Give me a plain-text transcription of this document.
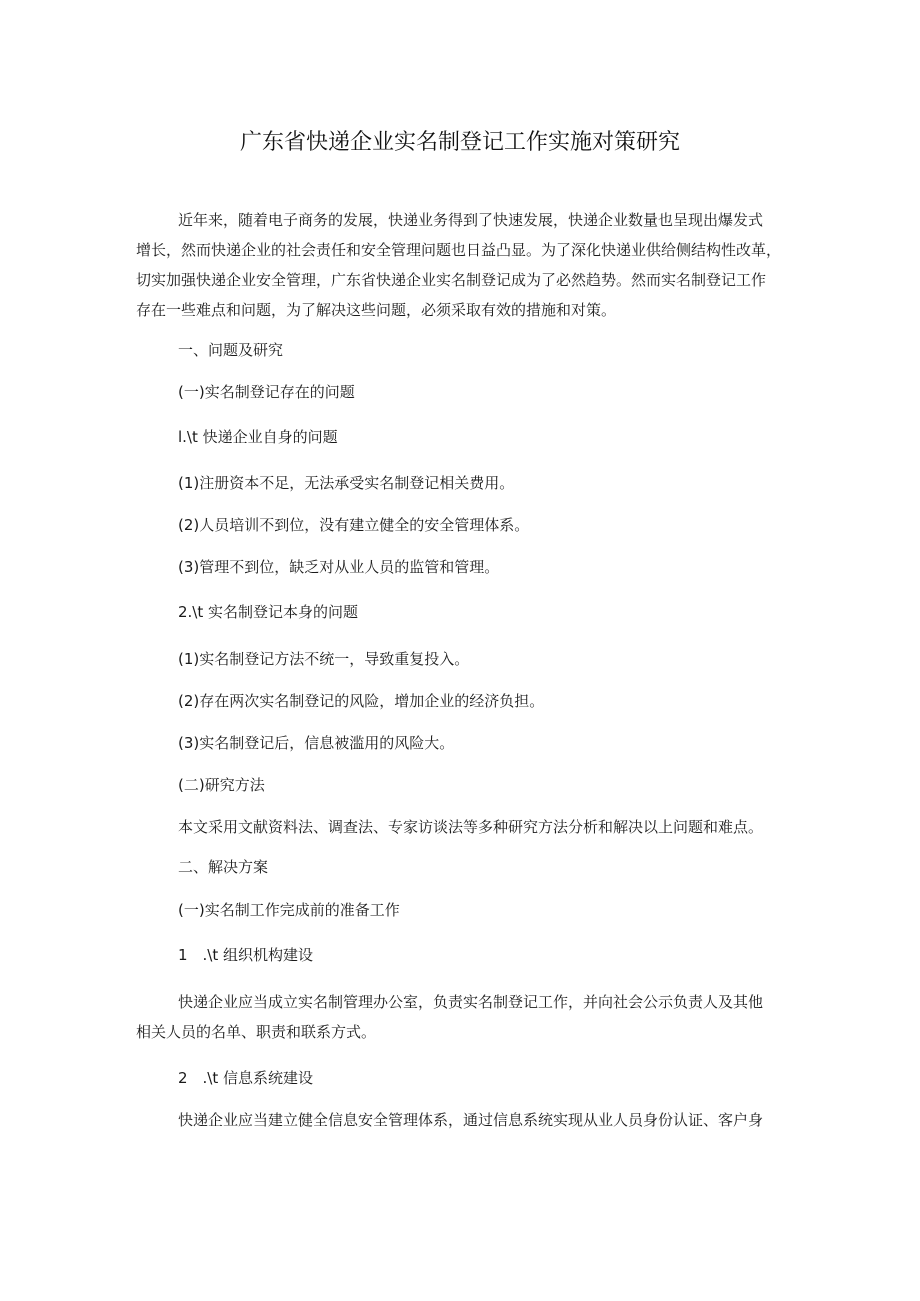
广东省快递企业实名制登记工作实施对策研究
近年来，随着电子商务的发展，快递业务得到了快速发展，快递企业数量也呈现出爆发式
增长，然而快递企业的社会责任和安全管理问题也日益凸显。为了深化快递业供给侧结构性改革，
切实加强快递企业安全管理，广东省快递企业实名制登记成为了必然趋势。然而实名制登记工作
存在一些难点和问题，为了解决这些问题，必须采取有效的措施和对策。
一、问题及研究
(一)实名制登记存在的问题
l.\t 快递企业自身的问题
(1)注册资本不足，无法承受实名制登记相关费用。
(2)人员培训不到位，没有建立健全的安全管理体系。
(3)管理不到位，缺乏对从业人员的监管和管理。
2.\t 实名制登记本身的问题
(1)实名制登记方法不统一，导致重复投入。
(2)存在两次实名制登记的风险，增加企业的经济负担。
(3)实名制登记后，信息被滥用的风险大。
(二)研究方法
本文采用文献资料法、调查法、专家访谈法等多种研究方法分析和解决以上问题和难点。
二、解决方案
(一)实名制工作完成前的准备工作
1　.\t 组织机构建设
快递企业应当成立实名制管理办公室，负责实名制登记工作，并向社会公示负责人及其他
相关人员的名单、职责和联系方式。
2　.\t 信息系统建设
快递企业应当建立健全信息安全管理体系，通过信息系统实现从业人员身份认证、客户身
